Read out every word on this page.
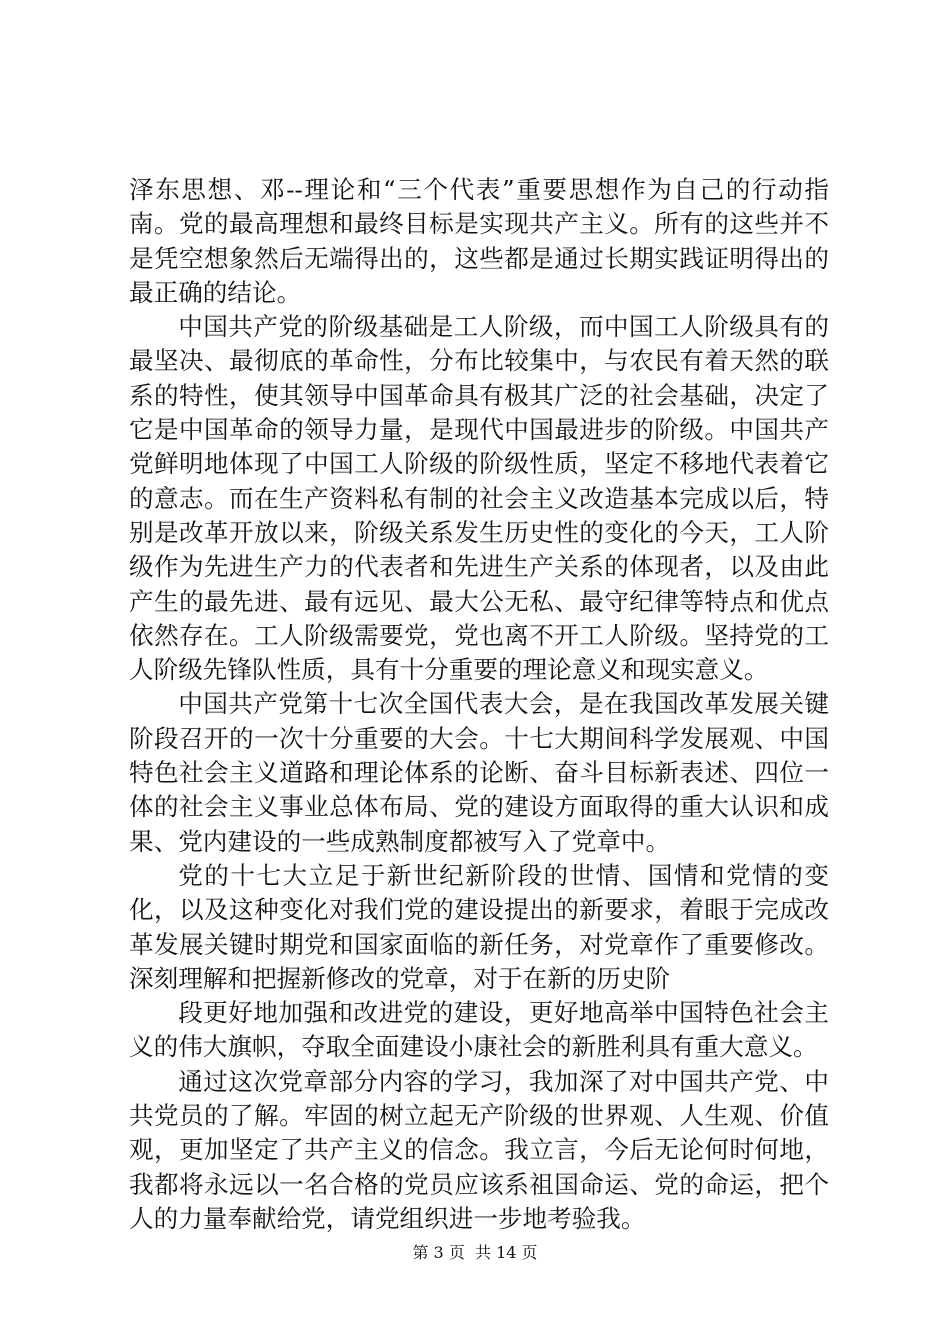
泽东思想、邓--理论和“三个代表”重要思想作为自己的行动指南。党的最高理想和最终目标是实现共产主义。所有的这些并不是凭空想象然后无端得出的，这些都是通过长期实践证明得出的最正确的结论。

中国共产党的阶级基础是工人阶级，而中国工人阶级具有的最坚决、最彻底的革命性，分布比较集中，与农民有着天然的联系的特性，使其领导中国革命具有极其广泛的社会基础，决定了它是中国革命的领导力量，是现代中国最进步的阶级。中国共产党鲜明地体现了中国工人阶级的阶级性质，坚定不移地代表着它的意志。而在生产资料私有制的社会主义改造基本完成以后，特别是改革开放以来，阶级关系发生历史性的变化的今天，工人阶级作为先进生产力的代表者和先进生产关系的体现者，以及由此产生的最先进、最有远见、最大公无私、最守纪律等特点和优点依然存在。工人阶级需要党，党也离不开工人阶级。坚持党的工人阶级先锋队性质，具有十分重要的理论意义和现实意义。

中国共产党第十七次全国代表大会，是在我国改革发展关键阶段召开的一次十分重要的大会。十七大期间科学发展观、中国特色社会主义道路和理论体系的论断、奋斗目标新表述、四位一体的社会主义事业总体布局、党的建设方面取得的重大认识和成果、党内建设的一些成熟制度都被写入了党章中。

党的十七大立足于新世纪新阶段的世情、国情和党情的变化，以及这种变化对我们党的建设提出的新要求，着眼于完成改革发展关键时期党和国家面临的新任务，对党章作了重要修改。深刻理解和把握新修改的党章，对于在新的历史阶

段更好地加强和改进党的建设，更好地高举中国特色社会主义的伟大旗帜，夺取全面建设小康社会的新胜利具有重大意义。

通过这次党章部分内容的学习，我加深了对中国共产党、中共党员的了解。牢固的树立起无产阶级的世界观、人生观、价值观，更加坚定了共产主义的信念。我立言，今后无论何时何地，我都将永远以一名合格的党员应该系祖国命运、党的命运，把个人的力量奉献给党，请党组织进一步地考验我。

第 3 页  共 14 页
